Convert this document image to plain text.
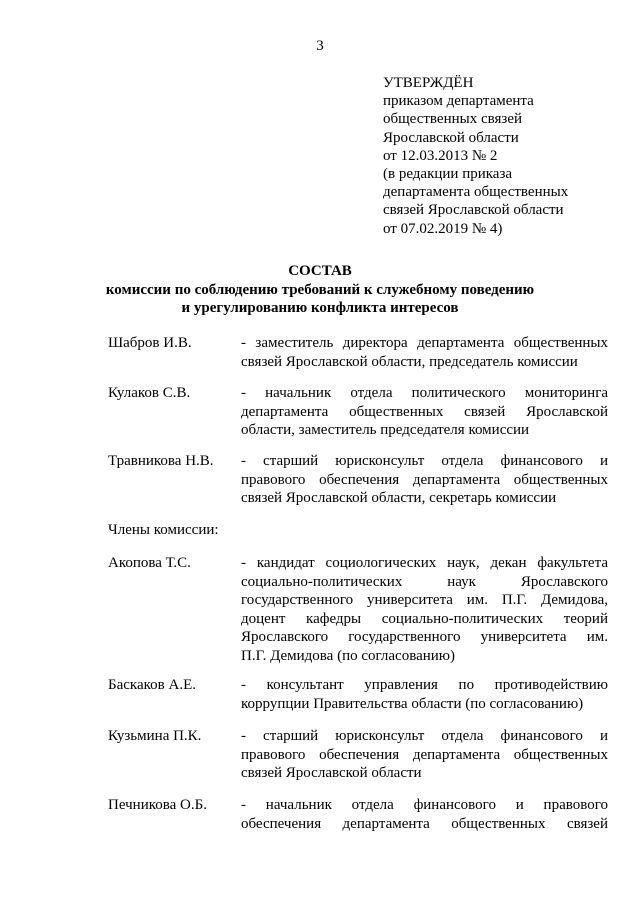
3
УТВЕРЖДЁН
приказом департамента
общественных связей
Ярославской области
от 12.03.2013 № 2
(в редакции приказа
департамента общественных
связей Ярославской области
от 07.02.2019 № 4)
СОСТАВ
комиссии по соблюдению требований к служебному поведению
и урегулированию конфликта интересов
Шабров И.В.	- заместитель директора департамента общественных
связей Ярославской области, председатель комиссии
Кулаков С.В.	- начальник отдела политического мониторинга
департамента общественных связей Ярославской
области, заместитель председателя комиссии
Травникова Н.В. - старший юрисконсульт отдела финансового и
правового обеспечения департамента общественных
связей Ярославской области, секретарь комиссии
Члены комиссии:
Акопова Т.С.	- кандидат социологических наук, декан факультета
социально-политических наук Ярославского
государственного университета им. П.Г. Демидова,
доцент кафедры социально-политических теорий
Ярославского государственного университета им.
П.Г. Демидова (по согласованию)
Баскаков А.Е.	- консультант управления по противодействию
коррупции Правительства области (по согласованию)
Кузьмина П.К.	- старший юрисконсульт отдела финансового и
правового обеспечения департамента общественных
связей Ярославской области
Печникова О.Б. - начальник отдела финансового и правового
обеспечения департамента общественных связей
